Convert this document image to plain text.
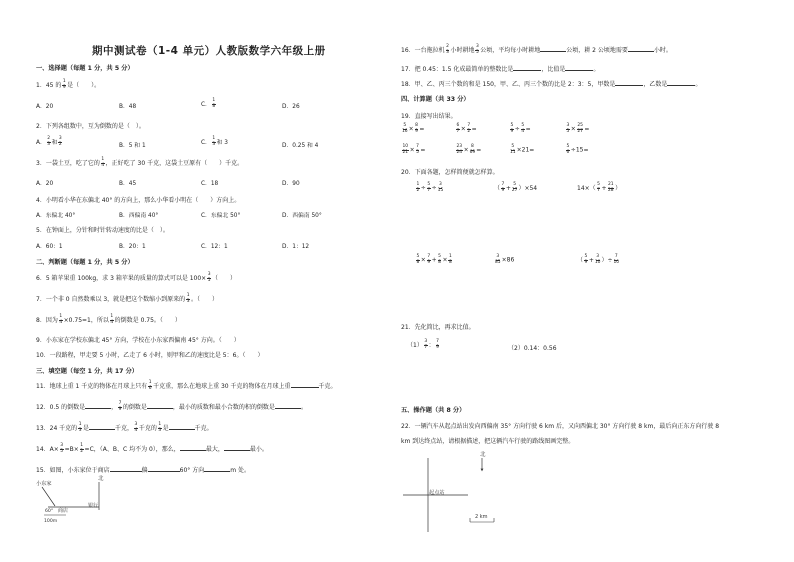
期中测试卷（1-4 单元）人教版数学六年级上册
一、选择题（每题 1 分，共 5 分）
1．45 的 $\frac{1}{9}$ 是（　　）。
A．20	B．48	C． $\frac{1}{8}$	D．26
2．下列各组数中，互为倒数的是（　）。
A． $\frac{2}{3}$ 和 $\frac{3}{2}$	B．5 和 1	C． $\frac{1}{3}$ 和 3	D．0.25 和 4
3．一袋土豆，吃了它的 $\frac{1}{4}$ ，正好吃了 30 千克，这袋土豆原有（　　）千克。
A．20	B．45	C．18	D．90
4．小明看小华在东偏北 40° 的方向上，那么小华看小明在（　　）方向上。
A．东偏北 40°	B．西偏南 40°	C．东偏北 50°	D．西偏南 50°
5．在钟面上，分针和时针转动速度的比是（　）。
A．60：1	B．20：1	C．12：1	D．1：12
二、判断题（每题 1 分，共 5 分）
6．5 箱苹果重 100kg，求 3 箱苹果的质量的算式可以是 $100\times \frac{3}{5}$ （　　）
7．一个非 0 自然数乘以 3，就是把这个数缩小到原来的 $\frac{1}{3}$ 。（　　）
8．因为 $\frac{1}{4} \times 0.75=1$，所以 $\frac{1}{4}$ 的倒数是 0.75。（　　）
9．小东家在学校东偏北 45° 方向，学校在小东家西偏南 45° 方向。（　　）
10．一段路程，甲走要 5 小时，乙走了 6 小时，则甲和乙的速度比是 5：6。（　　）
三、填空题（每空 1 分，共 17 分）
11．地球上重 1 千克的物体在月球上只有 $\frac{1}{6}$ 千克重，那么在地球上重 30 千克的物体在月球上重	千克。
12．0.5 的倒数是	， $\frac{7}{9}$ 的倒数是	，最小的质数和最小合数的积的倒数是	。
13．24 千克的 $\frac{1}{3}$ 是	千克， $\frac{3}{4}$ 千克的 $\frac{1}{3}$ 是	千克。
14．$A\times \frac{3}{5} =B\times \frac{1}{2} =C$，（A、B、C 均不为 0），那么，	最大，	最小。
15．如图，小东家位于商店	偏	60° 方向	m 处。
北
小东家
60° 商店
银行
100m
16．一台拖拉机 $\frac{2}{3}$ 小时耕地 $\frac{3}{5}$ 公顷，平均每小时耕地	公顷，耕 2 公顷地需要	小时。
17．把 0.45：1.5 化成最简单的整数比是	，比值是	。
18．甲、乙、丙三个数的和是 150，甲、乙、丙三个数的比是 2：3：5，甲数是	，乙数是	。
四、计算题（共 33 分）
19．直接写出结果。
$\frac{5}{16} \times \frac{8}{9}$ =	$\frac{6}{7} \times \frac{7}{2}$ =	$\frac{5}{9} \div \frac{5}{4}$ =	$\frac{3}{5} \times \frac{25}{27}$ =
$\frac{10}{21} \times \frac{7}{5}$ =	$\frac{23}{24} \times \frac{8}{69}$ =	$\frac{5}{11} \times 21=$	$\frac{5}{6} \div 15=$
20．下面各题，怎样简便就怎样算。
$\frac{1}{2} \div \frac{5}{7} \div \frac{3}{15}$	（ $\frac{7}{9} + \frac{5}{27} )\times 54$	$14\times( \frac{5}{7} + \frac{21}{28}$ ）
$\frac{5}{8} \times \frac{7}{9} + \frac{5}{8} \times \frac{1}{8}$	$\frac{3}{85} \times 86$	（ $\frac{5}{9} + \frac{3}{10}$ ）÷ $\frac{7}{10}$
21．先化简比，再求比值。
$(1) \frac{3}{7}$ ： $\frac{7}{9}$	（2）0.14：0.56
五、操作题（共 8 分）
22．一辆汽车从起点站出发向西偏南 35° 方向行驶 6 km 后，又向西偏北 30° 方向行驶 8 km，最后向正东方向行驶 8
km 到达终点站，请根据描述，把这辆汽车行驶的路线图画完整。
北
起点站
2 km
